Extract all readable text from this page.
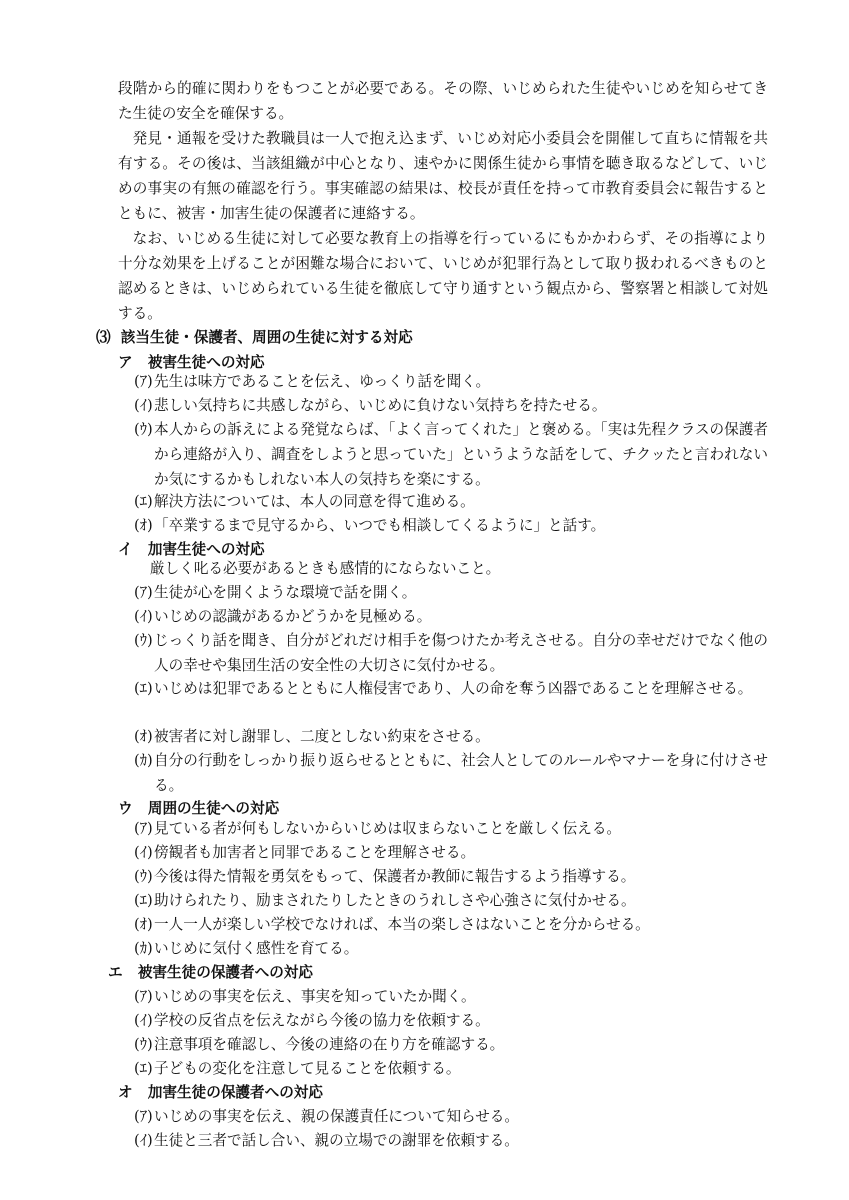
段階から的確に関わりをもつことが必要である。その際、いじめられた生徒やいじめを知らせてきた生徒の安全を確保する。

発見・通報を受けた教職員は一人で抱え込まず、いじめ対応小委員会を開催して直ちに情報を共有する。その後は、当該組織が中心となり、速やかに関係生徒から事情を聴き取るなどして、いじめの事実の有無の確認を行う。事実確認の結果は、校長が責任を持って市教育委員会に報告するとともに、被害・加害生徒の保護者に連絡する。

なお、いじめる生徒に対して必要な教育上の指導を行っているにもかかわらず、その指導により十分な効果を上げることが困難な場合において、いじめが犯罪行為として取り扱われるべきものと認めるときは、いじめられている生徒を徹底して守り通すという観点から、警察署と相談して対処する。

⑶ 該当生徒・保護者、周囲の生徒に対する対応
ア 被害生徒への対応
(ｱ) 先生は味方であることを伝え、ゆっくり話を聞く。
(ｲ) 悲しい気持ちに共感しながら、いじめに負けない気持ちを持たせる。
(ｳ) 本人からの訴えによる発覚ならば、「よく言ってくれた」と褒める。「実は先程クラスの保護者から連絡が入り、調査をしようと思っていた」というような話をして、チクッたと言われないか気にするかもしれない本人の気持ちを楽にする。
(ｴ) 解決方法については、本人の同意を得て進める。
(ｵ) 「卒業するまで見守るから、いつでも相談してくるように」と話す。
イ 加害生徒への対応
厳しく叱る必要があるときも感情的にならないこと。
(ｱ) 生徒が心を開くような環境で話を開く。
(ｲ) いじめの認識があるかどうかを見極める。
(ｳ) じっくり話を聞き、自分がどれだけ相手を傷つけたか考えさせる。自分の幸せだけでなく他の人の幸せや集団生活の安全性の大切さに気付かせる。
(ｴ) いじめは犯罪であるとともに人権侵害であり、人の命を奪う凶器であることを理解させる。
(ｵ) 被害者に対し謝罪し、二度としない約束をさせる。
(ｶ) 自分の行動をしっかり振り返らせるとともに、社会人としてのルールやマナーを身に付けさせる。
ウ 周囲の生徒への対応
(ｱ) 見ている者が何もしないからいじめは収まらないことを厳しく伝える。
(ｲ) 傍観者も加害者と同罪であることを理解させる。
(ｳ) 今後は得た情報を勇気をもって、保護者か教師に報告するよう指導する。
(ｴ) 助けられたり、励まされたりしたときのうれしさや心強さに気付かせる。
(ｵ) 一人一人が楽しい学校でなければ、本当の楽しさはないことを分からせる。
(ｶ) いじめに気付く感性を育てる。
エ 被害生徒の保護者への対応
(ｱ) いじめの事実を伝え、事実を知っていたか聞く。
(ｲ) 学校の反省点を伝えながら今後の協力を依頼する。
(ｳ) 注意事項を確認し、今後の連絡の在り方を確認する。
(ｴ) 子どもの変化を注意して見ることを依頼する。
オ 加害生徒の保護者への対応
(ｱ) いじめの事実を伝え、親の保護責任について知らせる。
(ｲ) 生徒と三者で話し合い、親の立場での謝罪を依頼する。
